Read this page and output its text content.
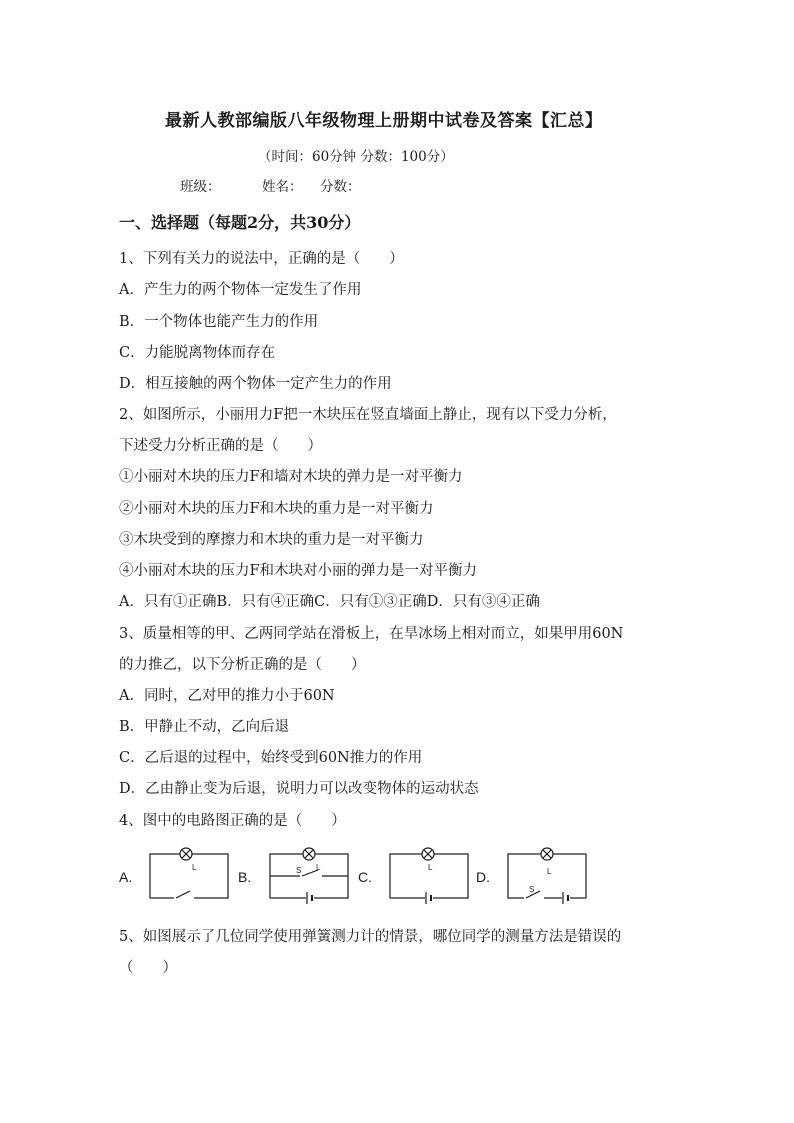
最新人教部编版八年级物理上册期中试卷及答案【汇总】
（时间：60分钟 分数：100分）
班级：	姓名： 分数：
一、选择题（每题2分，共30分）
1、下列有关力的说法中，正确的是（　　）
A．产生力的两个物体一定发生了作用
B．一个物体也能产生力的作用
C．力能脱离物体而存在
D．相互接触的两个物体一定产生力的作用
2、如图所示，小丽用力F把一木块压在竖直墙面上静止，现有以下受力分析，
下述受力分析正确的是（　　）
①小丽对木块的压力F和墙对木块的弹力是一对平衡力
②小丽对木块的压力F和木块的重力是一对平衡力
③木块受到的摩擦力和木块的重力是一对平衡力
④小丽对木块的压力F和木块对小丽的弹力是一对平衡力
A．只有①正确B．只有④正确C．只有①③正确D．只有③④正确
3、质量相等的甲、乙两同学站在滑板上，在旱冰场上相对而立，如果甲用60N
的力推乙，以下分析正确的是（　　）
A．同时，乙对甲的推力小于60N
B．甲静止不动，乙向后退
C．乙后退的过程中，始终受到60N推力的作用
D．乙由静止变为后退，说明力可以改变物体的运动状态
4、图中的电路图正确的是（　　）
L	L
S	L	L
S
A.	B.	C.	D.
5、如图展示了几位同学使用弹簧测力计的情景，哪位同学的测量方法是错误的
（　　）
